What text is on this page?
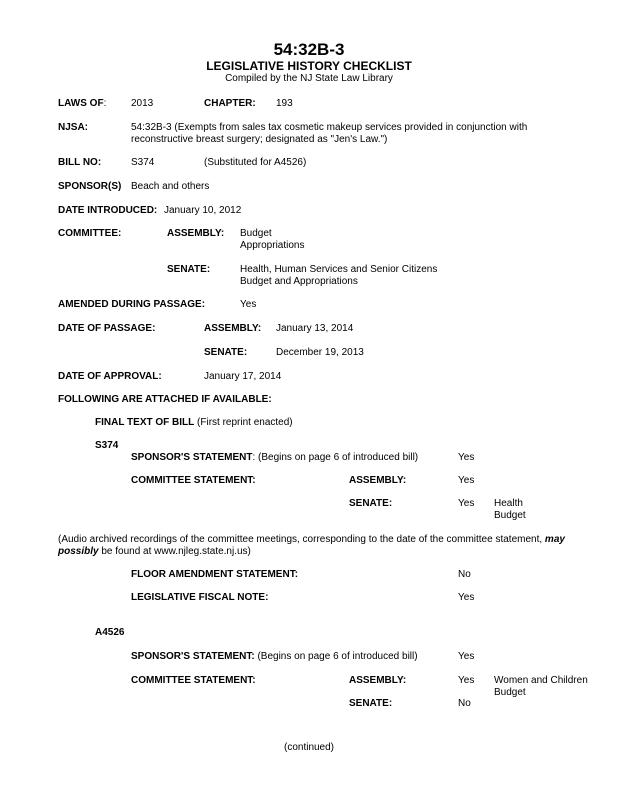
54:32B-3
LEGISLATIVE HISTORY CHECKLIST
Compiled by the NJ State Law Library
LAWS OF: 2013	CHAPTER: 193
NJSA:	54:32B-3 (Exempts from sales tax cosmetic makeup services provided in conjunction with reconstructive breast surgery; designated as "Jen's Law.")
BILL NO:	S374	(Substituted for A4526)
SPONSOR(S) Beach and others
DATE INTRODUCED: January 10, 2012
COMMITTEE:	ASSEMBLY: Budget
Appropriations
SENATE:	Health, Human Services and Senior Citizens
Budget and Appropriations
AMENDED DURING PASSAGE:	Yes
DATE OF PASSAGE:	ASSEMBLY: January 13, 2014
SENATE:	December 19, 2013
DATE OF APPROVAL:	January 17, 2014
FOLLOWING ARE ATTACHED IF AVAILABLE:
FINAL TEXT OF BILL (First reprint enacted)
S374
SPONSOR'S STATEMENT: (Begins on page 6 of introduced bill)	Yes
COMMITTEE STATEMENT:	ASSEMBLY:	Yes
SENATE:	Yes Health
Budget
(Audio archived recordings of the committee meetings, corresponding to the date of the committee statement, may possibly be found at www.njleg.state.nj.us)
FLOOR AMENDMENT STATEMENT:	No
LEGISLATIVE FISCAL NOTE:	Yes
A4526
SPONSOR'S STATEMENT: (Begins on page 6 of introduced bill)	Yes
COMMITTEE STATEMENT:	ASSEMBLY:	Yes Women and Children
Budget
SENATE:	No
(continued)
